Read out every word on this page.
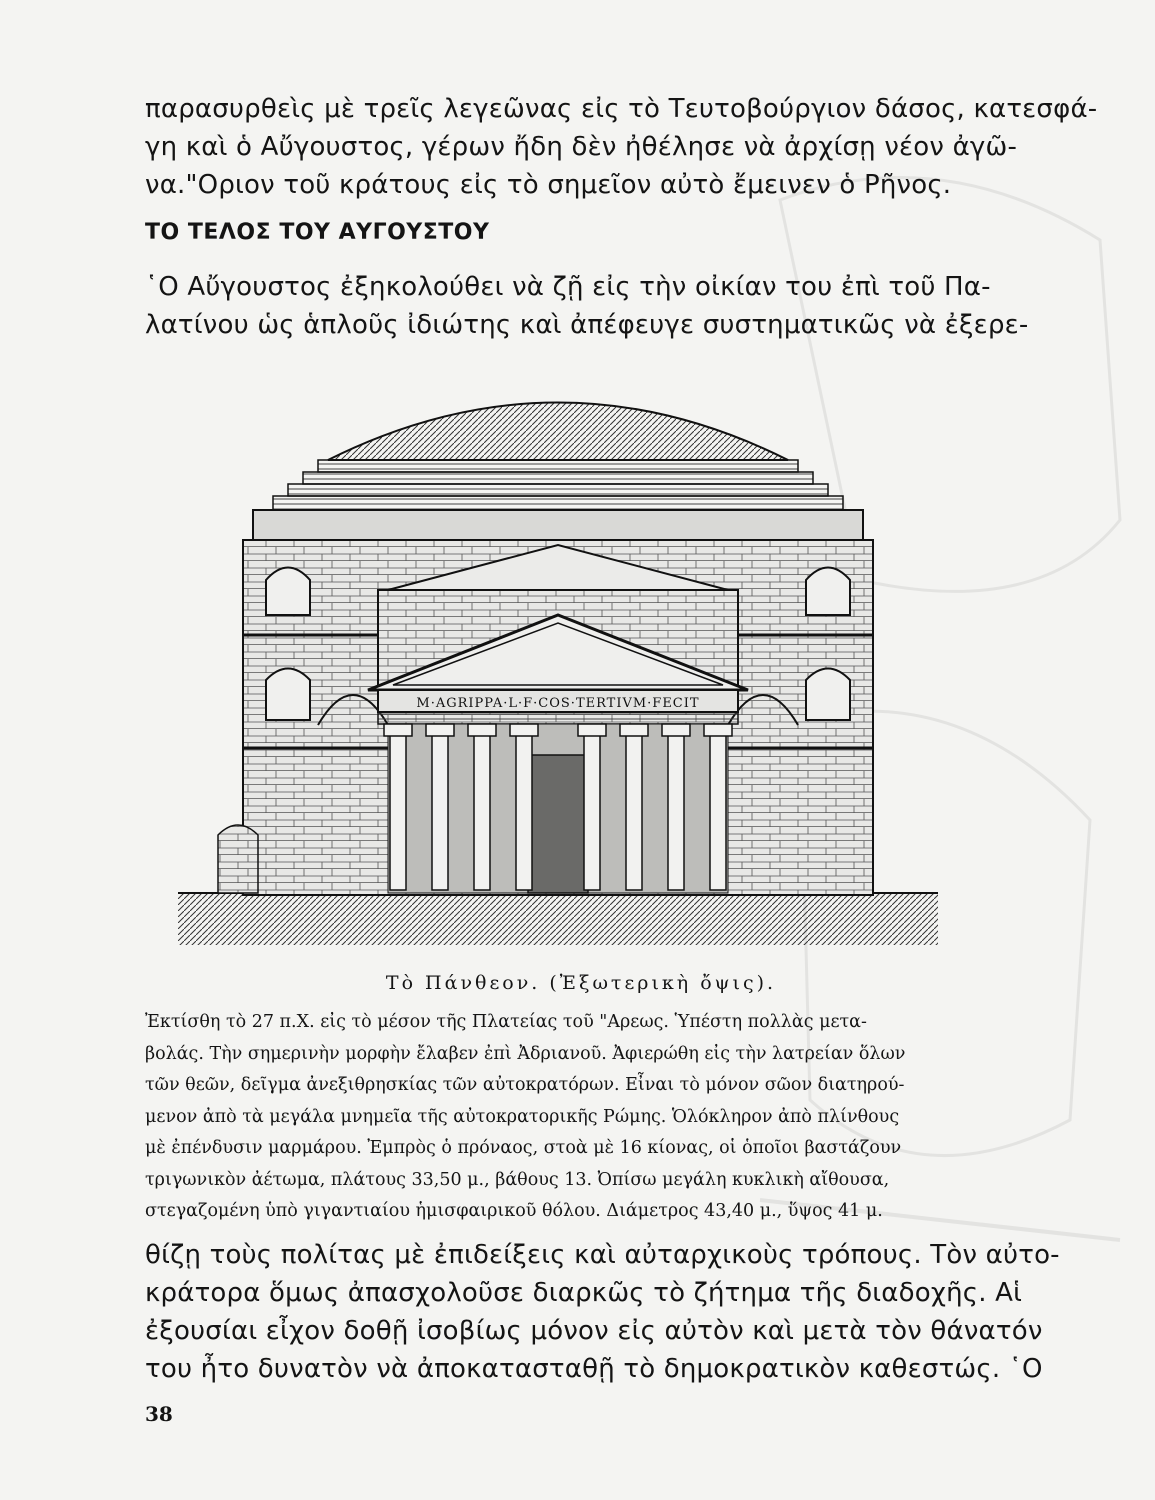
παρασυρθεὶς μὲ τρεῖς λεγεῶνας εἰς τὸ Τευτοβούργιον δάσος, κατεσφά-
γη καὶ ὁ Αὔγουστος, γέρων ἤδη δὲν ἠθέλησε νὰ ἀρχίσῃ νέον ἀγῶ-
να."Οριον τοῦ κράτους εἰς τὸ σημεῖον αὐτὸ ἔμεινεν ὁ Ρῆνος.

ΤΟ ΤΕΛΟΣ ΤΟΥ ΑΥΓΟΥΣΤΟΥ

῾Ο Αὔγουστος ἐξηκολούθει νὰ ζῇ εἰς τὴν οἰκίαν του ἐπὶ τοῦ Πα-
λατίνου ὡς ἁπλοῦς ἰδιώτης καὶ ἀπέφευγε συστηματικῶς νὰ ἐξερε-

M·AGRIPPA·L·F·COS·TERTIVM·FECIT

Τὸ Πάνθεον. (Ἐξωτερικὴ ὄψις).

Ἐκτίσθη τὸ 27 π.Χ. εἰς τὸ μέσον τῆς Πλατείας τοῦ "Αρεως. Ὑπέστη πολλὰς μετα-
βολάς. Τὴν σημερινὴν μορφὴν ἔλαβεν ἐπὶ Ἀδριανοῦ. Ἀφιερώθη εἰς τὴν λατρείαν ὅλων
τῶν θεῶν, δεῖγμα ἀνεξιθρησκίας τῶν αὐτοκρατόρων. Εἶναι τὸ μόνον σῶον διατηρού-
μενον ἀπὸ τὰ μεγάλα μνημεῖα τῆς αὐτοκρατορικῆς Ρώμης. Ὁλόκληρον ἀπὸ πλίνθους
μὲ ἐπένδυσιν μαρμάρου. Ἐμπρὸς ὁ πρόναος, στοὰ μὲ 16 κίονας, οἱ ὁποῖοι βαστάζουν
τριγωνικὸν ἀέτωμα, πλάτους 33,50 μ., βάθους 13. Ὀπίσω μεγάλη κυκλικὴ αἴθουσα,
στεγαζομένη ὑπὸ γιγαντιαίου ἡμισφαιρικοῦ θόλου. Διάμετρος 43,40 μ., ὕψος 41 μ.

θίζῃ τοὺς πολίτας μὲ ἐπιδείξεις καὶ αὐταρχικοὺς τρόπους. Τὸν αὐτο-
κράτορα ὅμως ἀπασχολοῦσε διαρκῶς τὸ ζήτημα τῆς διαδοχῆς. Αἱ
ἐξουσίαι εἶχον δοθῇ ἰσοβίως μόνον εἰς αὐτὸν καὶ μετὰ τὸν θάνατόν
του ἦτο δυνατὸν νὰ ἀποκατασταθῇ τὸ δημοκρατικὸν καθεστώς. ῾Ο

38
